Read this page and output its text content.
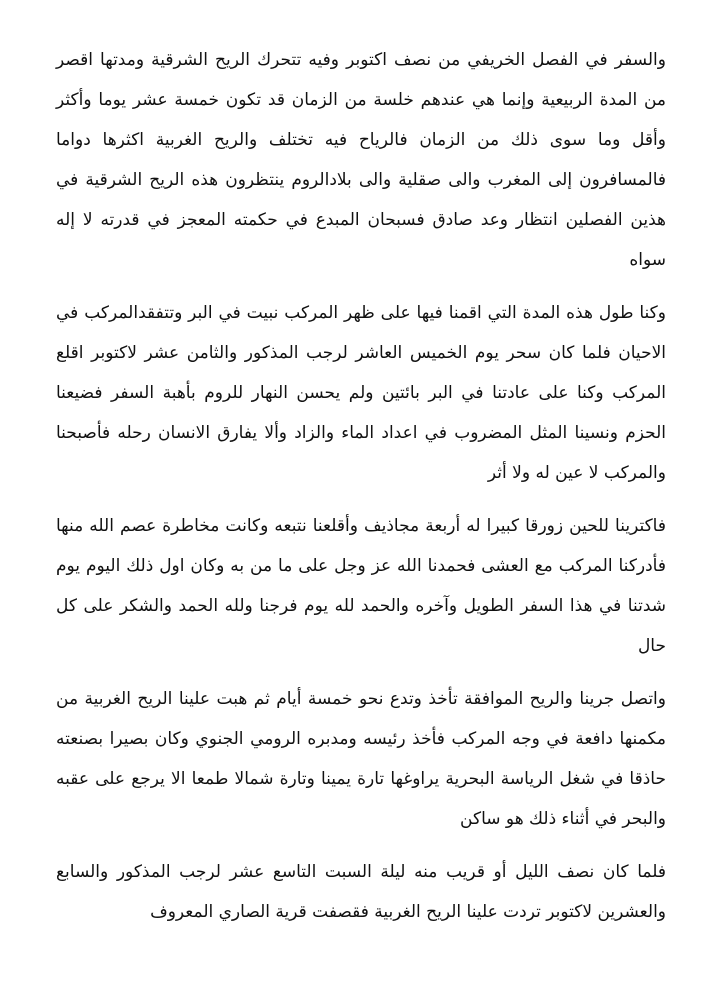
والسفر في الفصل الخريفي من نصف اكتوبر وفيه تتحرك الريح الشرقية ومدتها اقصر من المدة الربيعية وإنما هي عندهم خلسة من الزمان قد تكون خمسة عشر يوما وأكثر وأقل وما سوى ذلك من الزمان فالرياح فيه تختلف والريح الغربية اكثرها دواما فالمسافرون إلى المغرب والى صقلية والى بلادالروم ينتظرون هذه الريح الشرقية في هذين الفصلين انتظار وعد صادق فسبحان المبدع في حكمته المعجز في قدرته لا إله سواه

وكنا طول هذه المدة التي اقمنا فيها على ظهر المركب نبيت في البر وتتفقدالمركب في الاحيان فلما كان سحر يوم الخميس العاشر لرجب المذكور والثامن عشر لاكتوبر اقلع المركب وكنا على عادتنا في البر بائتين ولم يحسن النهار للروم بأهبة السفر فضيعنا الحزم ونسينا المثل المضروب في اعداد الماء والزاد وألا يفارق الانسان رحله فأصبحنا والمركب لا عين له ولا أثر

فاكترينا للحين زورقا كبيرا له أربعة مجاذيف وأقلعنا نتبعه وكانت مخاطرة عصم الله منها فأدركنا المركب مع العشى فحمدنا الله عز وجل على ما من به وكان اول ذلك اليوم يوم شدتنا في هذا السفر الطويل وآخره والحمد لله يوم فرجنا ولله الحمد والشكر على كل حال

واتصل جرينا والريح الموافقة تأخذ وتدع نحو خمسة أيام ثم هبت علينا الريح الغربية من مكمنها دافعة في وجه المركب فأخذ رئيسه ومدبره الرومي الجنوي وكان بصيرا بصنعته حاذقا في شغل الرياسة البحرية يراوغها تارة يمينا وتارة شمالا طمعا الا يرجع على عقبه والبحر في أثناء ذلك هو ساكن

فلما كان نصف الليل أو قريب منه ليلة السبت التاسع عشر لرجب المذكور والسابع والعشرين لاكتوبر تردت علينا الريح الغربية فقصفت قرية الصاري المعروف
